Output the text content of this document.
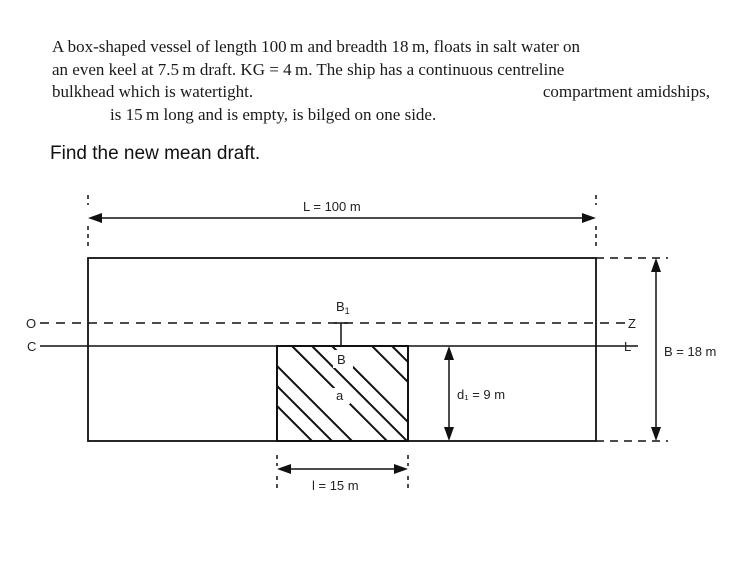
A box-shaped vessel of length 100 m and breadth 18 m, floats in salt water on
an even keel at 7.5 m draft. KG = 4 m. The ship has a continuous centreline
bulkhead which is watertight.	compartment amidships,
is 15 m long and is empty, is bilged on one side.
Find the new mean draft.
L = 100 m
l = 15 m
d₁ = 9 m
B = 18 m
$B_1$
B
a
O
C
Z
L
